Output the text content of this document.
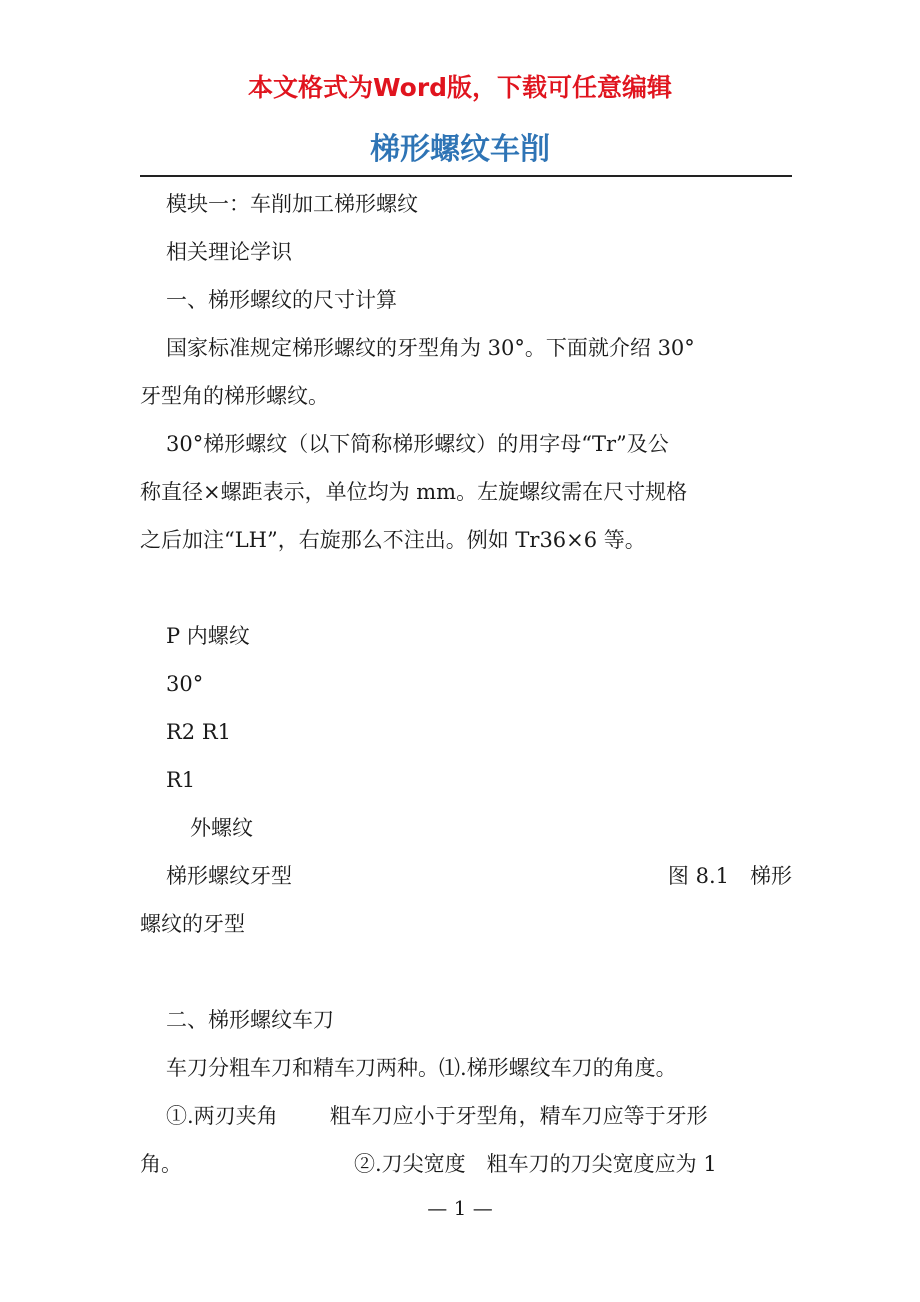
本文格式为Word版，下载可任意编辑
梯形螺纹车削
模块一：车削加工梯形螺纹
相关理论学识
一、梯形螺纹的尺寸计算
国家标准规定梯形螺纹的牙型角为 30°。下面就介绍 30°
牙型角的梯形螺纹。
30°梯形螺纹（以下简称梯形螺纹）的用字母“Tr”及公
称直径×螺距表示，单位均为 mm。左旋螺纹需在尺寸规格
之后加注“LH”，右旋那么不注出。例如 Tr36×6 等。
P 内螺纹
30°
R2 R1
R1
外螺纹
梯形螺纹牙型	图 8.1　梯形
螺纹的牙型
二、梯形螺纹车刀
车刀分粗车刀和精车刀两种。⑴.梯形螺纹车刀的角度。
①.两刃夹角 粗车刀应小于牙型角，精车刀应等于牙形
角。	②.刀尖宽度　粗车刀的刀尖宽度应为 1
— 1 —
